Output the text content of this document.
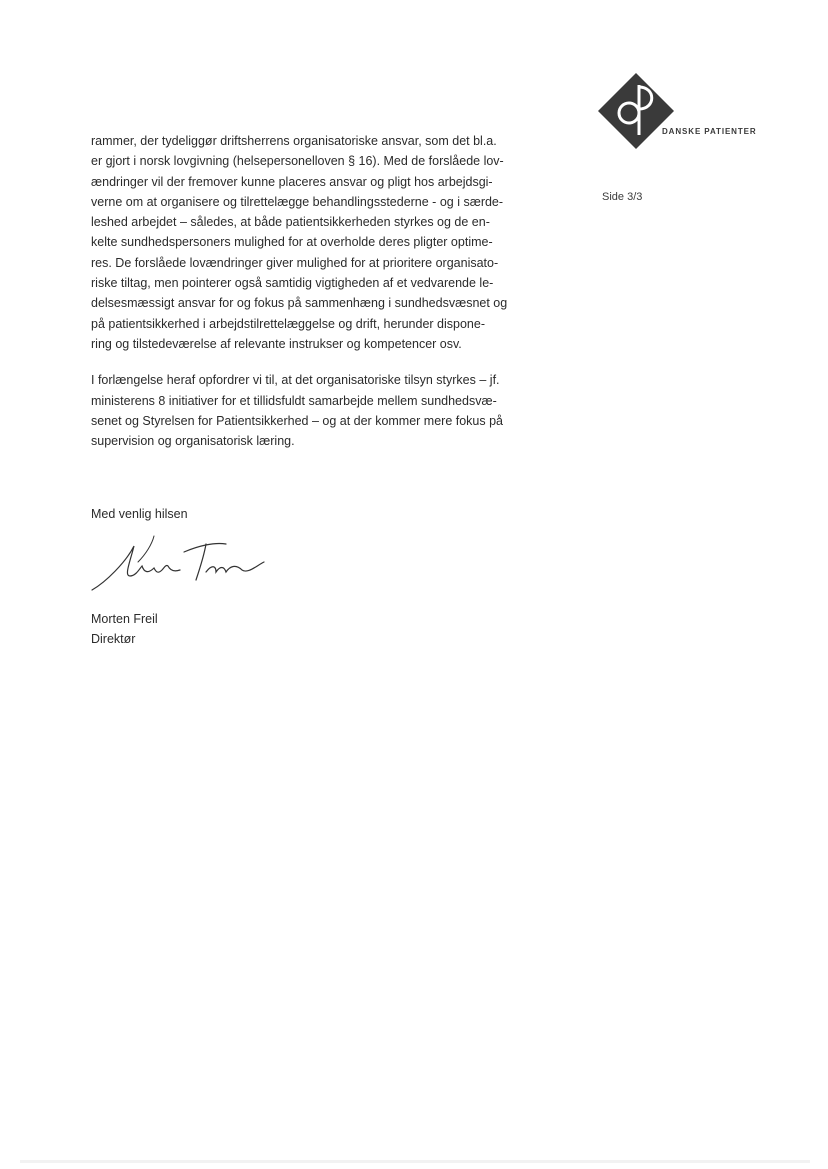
DANSKE PATIENTER
Side 3/3
rammer, der tydeliggør driftsherrens organisatoriske ansvar, som det bl.a.
er gjort i norsk lovgivning (helsepersonelloven § 16). Med de forslåede lov-
ændringer vil der fremover kunne placeres ansvar og pligt hos arbejdsgi-
verne om at organisere og tilrettelægge behandlingsstederne - og i særde-
leshed arbejdet – således, at både patientsikkerheden styrkes og de en-
kelte sundhedspersoners mulighed for at overholde deres pligter optime-
res. De forslåede lovændringer giver mulighed for at prioritere organisato-
riske tiltag, men pointerer også samtidig vigtigheden af et vedvarende le-
delsesmæssigt ansvar for og fokus på sammenhæng i sundhedsvæsnet og
på patientsikkerhed i arbejdstilrettelæggelse og drift, herunder dispone-
ring og tilstedeværelse af relevante instrukser og kompetencer osv.
I forlængelse heraf opfordrer vi til, at det organisatoriske tilsyn styrkes – jf.
ministerens 8 initiativer for et tillidsfuldt samarbejde mellem sundhedsvæ-
senet og Styrelsen for Patientsikkerhed – og at der kommer mere fokus på
supervision og organisatorisk læring.
Med venlig hilsen
Morten Freil
Direktør
